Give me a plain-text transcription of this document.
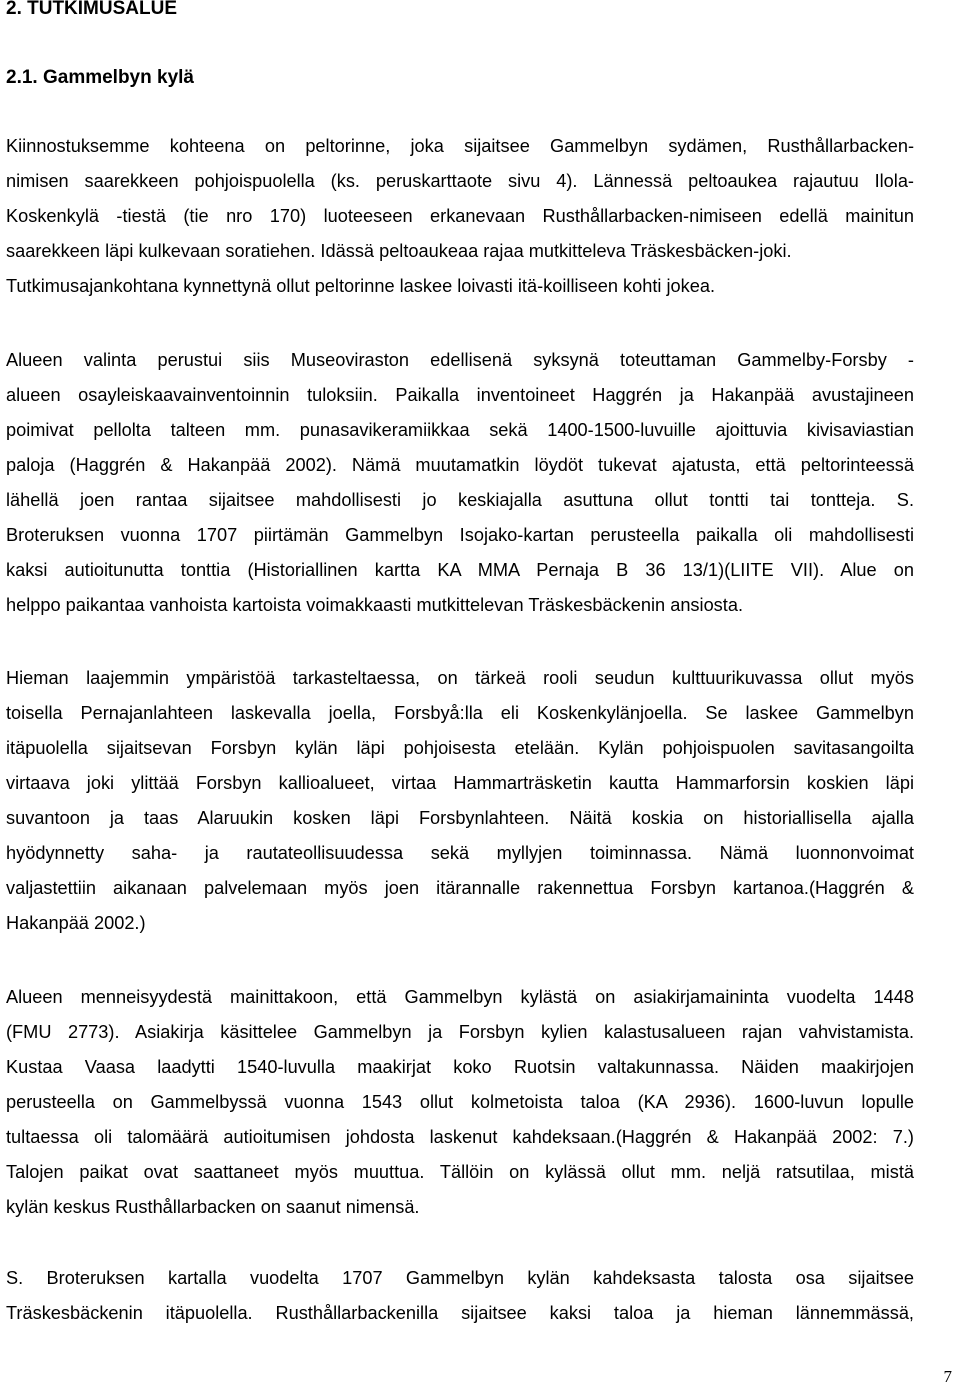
2. TUTKIMUSALUE
2.1. Gammelbyn kylä
Kiinnostuksemme kohteena on peltorinne, joka sijaitsee Gammelbyn sydämen, Rusthållarbacken-
nimisen saarekkeen pohjoispuolella (ks. peruskarttaote sivu 4). Lännessä peltoaukea rajautuu Ilola-
Koskenkylä -tiestä (tie nro 170) luoteeseen erkanevaan Rusthållarbacken-nimiseen edellä mainitun
saarekkeen läpi kulkevaan soratiehen. Idässä peltoaukeaa rajaa mutkitteleva Träskesbäcken-joki.
Tutkimusajankohtana kynnettynä ollut peltorinne laskee loivasti itä-koilliseen kohti jokea.
Alueen valinta perustui siis Museoviraston edellisenä syksynä toteuttaman Gammelby-Forsby -
alueen osayleiskaavainventoinnin tuloksiin. Paikalla inventoineet Haggrén ja Hakanpää avustajineen
poimivat pellolta talteen mm. punasavikeramiikkaa sekä 1400-1500-luvuille ajoittuvia kivisaviastian
paloja (Haggrén & Hakanpää 2002). Nämä muutamatkin löydöt tukevat ajatusta, että peltorinteessä
lähellä joen rantaa sijaitsee mahdollisesti jo keskiajalla asuttuna ollut tontti tai tontteja. S.
Broteruksen vuonna 1707 piirtämän Gammelbyn Isojako-kartan perusteella paikalla oli mahdollisesti
kaksi autioitunutta tonttia (Historiallinen kartta KA MMA Pernaja B 36 13/1)(LIITE VII). Alue on
helppo paikantaa vanhoista kartoista voimakkaasti mutkittelevan Träskesbäckenin ansiosta.
Hieman laajemmin ympäristöä tarkasteltaessa, on tärkeä rooli seudun kulttuurikuvassa ollut myös
toisella Pernajanlahteen laskevalla joella, Forsbyå:lla eli Koskenkylänjoella. Se laskee Gammelbyn
itäpuolella sijaitsevan Forsbyn kylän läpi pohjoisesta etelään. Kylän pohjoispuolen savitasangoilta
virtaava joki ylittää Forsbyn kallioalueet, virtaa Hammarträsketin kautta Hammarforsin koskien läpi
suvantoon ja taas Alaruukin kosken läpi Forsbynlahteen. Näitä koskia on historiallisella ajalla
hyödynnetty saha- ja rautateollisuudessa sekä myllyjen toiminnassa. Nämä luonnonvoimat
valjastettiin aikanaan palvelemaan myös joen itärannalle rakennettua Forsbyn kartanoa.(Haggrén &
Hakanpää 2002.)
Alueen menneisyydestä mainittakoon, että Gammelbyn kylästä on asiakirjamaininta vuodelta 1448
(FMU 2773). Asiakirja käsittelee Gammelbyn ja Forsbyn kylien kalastusalueen rajan vahvistamista.
Kustaa Vaasa laadytti 1540-luvulla maakirjat koko Ruotsin valtakunnassa. Näiden maakirjojen
perusteella on Gammelbyssä vuonna 1543 ollut kolmetoista taloa (KA 2936). 1600-luvun lopulle
tultaessa oli talomäärä autioitumisen johdosta laskenut kahdeksaan.(Haggrén & Hakanpää 2002: 7.)
Talojen paikat ovat saattaneet myös muuttua. Tällöin on kylässä ollut mm. neljä ratsutilaa, mistä
kylän keskus Rusthållarbacken on saanut nimensä.
S. Broteruksen kartalla vuodelta 1707 Gammelbyn kylän kahdeksasta talosta osa sijaitsee
Träskesbäckenin itäpuolella. Rusthållarbackenilla sijaitsee kaksi taloa ja hieman lännemmässä,
7
